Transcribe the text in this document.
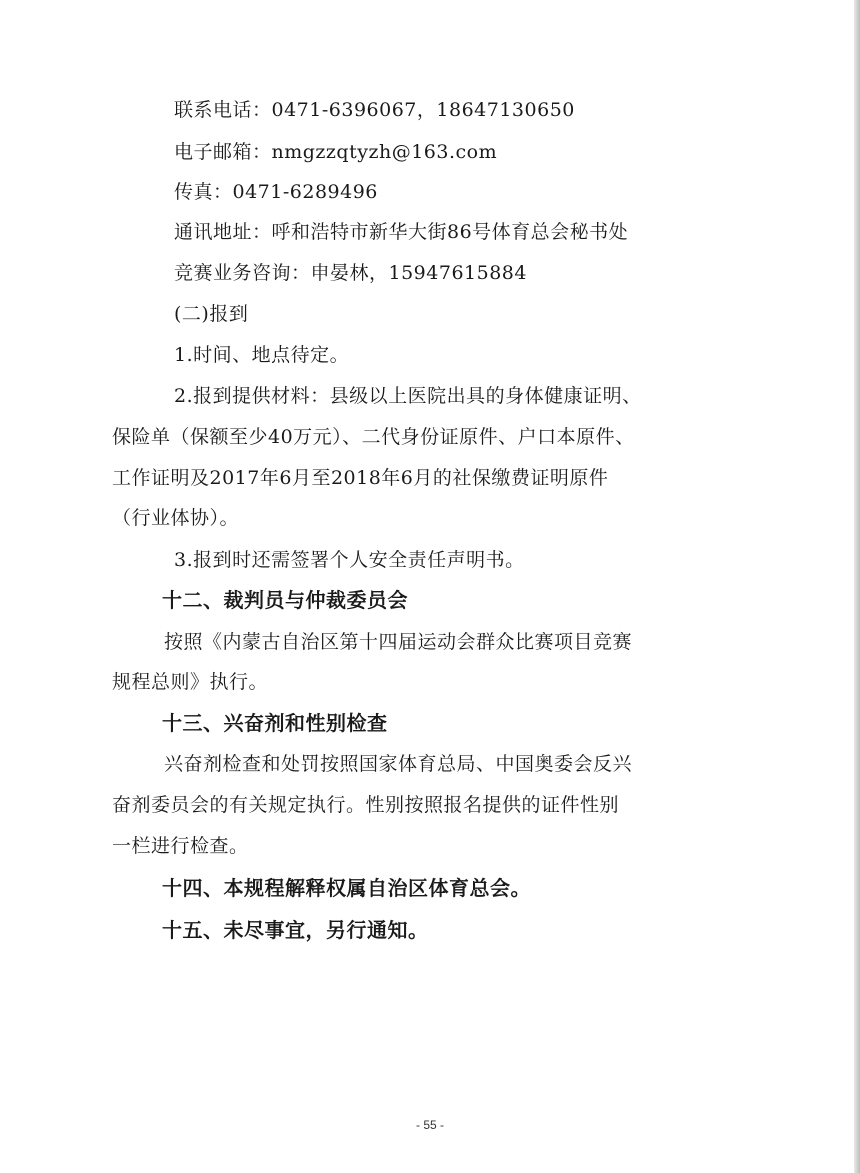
联系电话：0471-6396067，18647130650
电子邮箱：nmgzzqtyzh@163.com
传真：0471-6289496
通讯地址：呼和浩特市新华大街86号体育总会秘书处
竞赛业务咨询：申晏林，15947615884
(二)报到
1.时间、地点待定。
2.报到提供材料：县级以上医院出具的身体健康证明、
保险单（保额至少40万元）、二代身份证原件、户口本原件、
工作证明及2017年6月至2018年6月的社保缴费证明原件
（行业体协）。
3.报到时还需签署个人安全责任声明书。
十二、裁判员与仲裁委员会
按照《内蒙古自治区第十四届运动会群众比赛项目竞赛
规程总则》执行。
十三、兴奋剂和性别检查
兴奋剂检查和处罚按照国家体育总局、中国奥委会反兴
奋剂委员会的有关规定执行。性别按照报名提供的证件性别
一栏进行检查。
十四、本规程解释权属自治区体育总会。
十五、未尽事宜，另行通知。
- 55 -
